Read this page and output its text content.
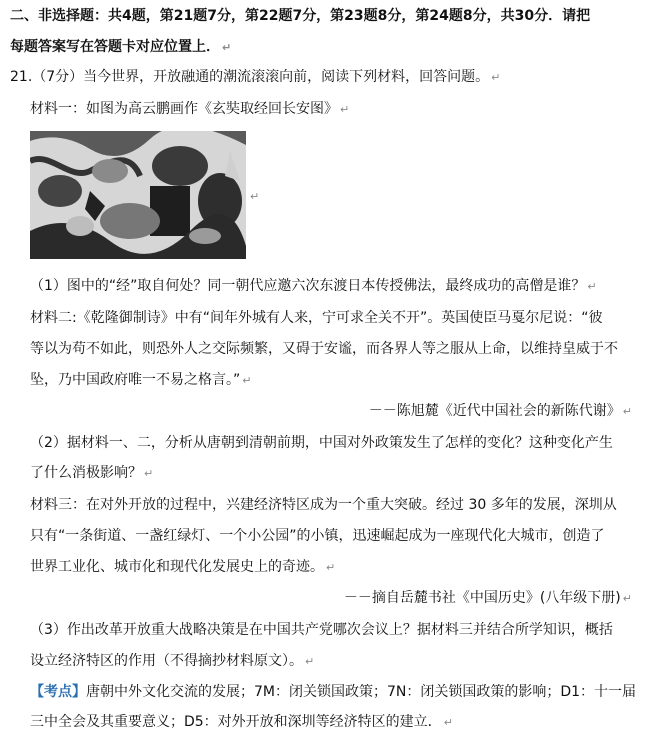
二、非选择题：共4题，第21题7分，第22题7分，第23题8分，第24题8分，共30分．请把
每题答案写在答题卡对应位置上． ↵
21.（7分）当今世界，开放融通的潮流滚滚向前，阅读下列材料，回答问题。 ↵
材料一：如图为高云鹏画作《玄奘取经回长安图》 ↵
↵
（1）图中的“经”取自何处？同一朝代应邀六次东渡日本传授佛法，最终成功的高僧是谁？ ↵
材料二:《乾隆御制诗》中有“间年外城有人来，宁可求全关不开”。英国使臣马戛尔尼说：“彼
等以为苟不如此，则恐外人之交际频繁，又碍于安谧，而各界人等之服从上命，以维持皇威于不
坠，乃中国政府唯一不易之格言。” ↵
－－陈旭麓《近代中国社会的新陈代谢》 ↵
（2）据材料一、二，分析从唐朝到清朝前期，中国对外政策发生了怎样的变化？这种变化产生
了什么消极影响？ ↵
材料三：在对外开放的过程中，兴建经济特区成为一个重大突破。经过 30 多年的发展，深圳从
只有“一条街道、一盏红绿灯、一个小公园”的小镇，迅速崛起成为一座现代化大城市，创造了
世界工业化、城市化和现代化发展史上的奇迹。 ↵
－－摘自岳麓书社《中国历史》(八年级下册) ↵
（3）作出改革开放重大战略决策是在中国共产党哪次会议上？据材料三并结合所学知识，概括
设立经济特区的作用（不得摘抄材料原文）。 ↵
【考点】唐朝中外文化交流的发展；7M：闭关锁国政策；7N：闭关锁国政策的影响；D1：十一届
三中全会及其重要意义；D5：对外开放和深圳等经济特区的建立． ↵
